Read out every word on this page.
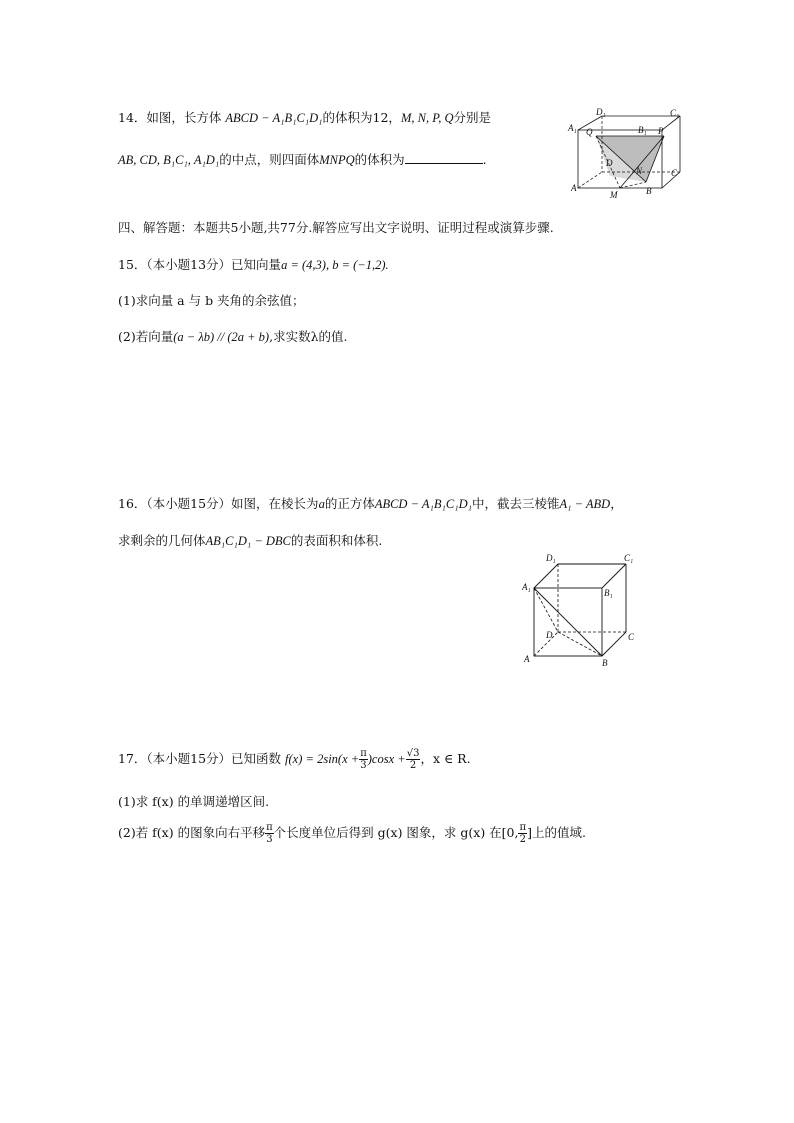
14．如图，长方体 ABCD − A₁B₁C₁D₁的体积为12，M, N, P, Q分别是
AB, CD, B₁C₁, A₁D₁的中点，则四面体MNPQ的体积为	.
D₁	C₁
A₁	B₁
Q	P
D
N
A	B
C
M
四、解答题：本题共5小题,共77分.解答应写出文字说明、证明过程或演算步骤.
15．（本小题13分）已知向量a = (4,3), b = (−1,2).
(1)求向量 a 与 b 夹角的余弦值；
(2)若向量(a − λb) // (2a + b),求实数λ的值.
16．（本小题15分）如图，在棱长为a的正方体ABCD − A₁B₁C₁D₁中，截去三棱锥A₁ − ABD，
求剩余的几何体AB₁C₁D₁ − DBC的表面积和体积.
D₁	C₁
A₁
B₁
D	C
A	B
17．（本小题15分）已知函数 $f(x) = 2\sin(x + \frac{\pi}{3} )\cos x + \frac{√3}{2}$ ，x ∈ R.
(1)求 f(x) 的单调递增区间.
(2)若 f(x) 的图象向右平移 $\frac{\pi}{3}$ 个长度单位后得到 g(x) 图象，求 g(x) 在[0, $\frac{\pi}{2}$ ]上的值域.
